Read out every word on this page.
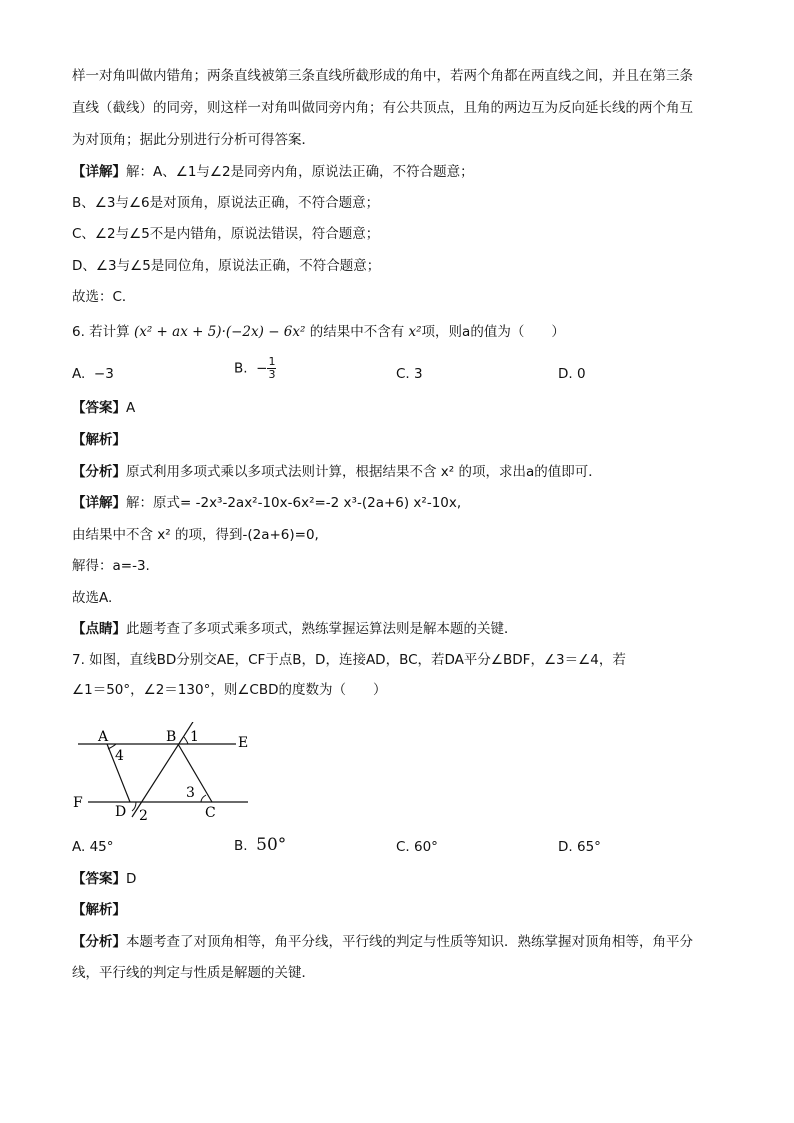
样一对角叫做内错角；两条直线被第三条直线所截形成的角中，若两个角都在两直线之间，并且在第三条
直线（截线）的同旁，则这样一对角叫做同旁内角；有公共顶点，且角的两边互为反向延长线的两个角互
为对顶角；据此分别进行分析可得答案．
【详解】解：A、∠1与∠2是同旁内角，原说法正确，不符合题意；
B、∠3与∠6是对顶角，原说法正确，不符合题意；
C、∠2与∠5不是内错角，原说法错误，符合题意；
D、∠3与∠5是同位角，原说法正确，不符合题意；
故选：C．
6. 若计算 (x² + ax + 5)·(−2x) − 6x² 的结果中不含有 x²项，则a的值为（　　）
A. −3	B. − $\frac{1}{3}$	C. 3	D. 0
【答案】A
【解析】
【分析】原式利用多项式乘以多项式法则计算，根据结果不含 x² 的项，求出a的值即可．
【详解】解：原式= -2x³-2ax²-10x-6x²=-2 x³-(2a+6) x²-10x,
由结果中不含 x² 的项，得到-(2a+6)=0,
解得：a=-3.
故选A.
【点睛】此题考查了多项式乘多项式，熟练掌握运算法则是解本题的关键．
7. 如图，直线BD分别交AE，CF于点B，D，连接AD，BC，若DA平分∠BDF，∠3＝∠4，若
∠1＝50°，∠2＝130°，则∠CBD的度数为（　　）
A	B 1	E
4
F
D 2
3
C
A. 45°	B. 50°	C. 60°	D. 65°
【答案】D
【解析】
【分析】本题考查了对顶角相等，角平分线，平行线的判定与性质等知识．熟练掌握对顶角相等，角平分
线，平行线的判定与性质是解题的关键．
